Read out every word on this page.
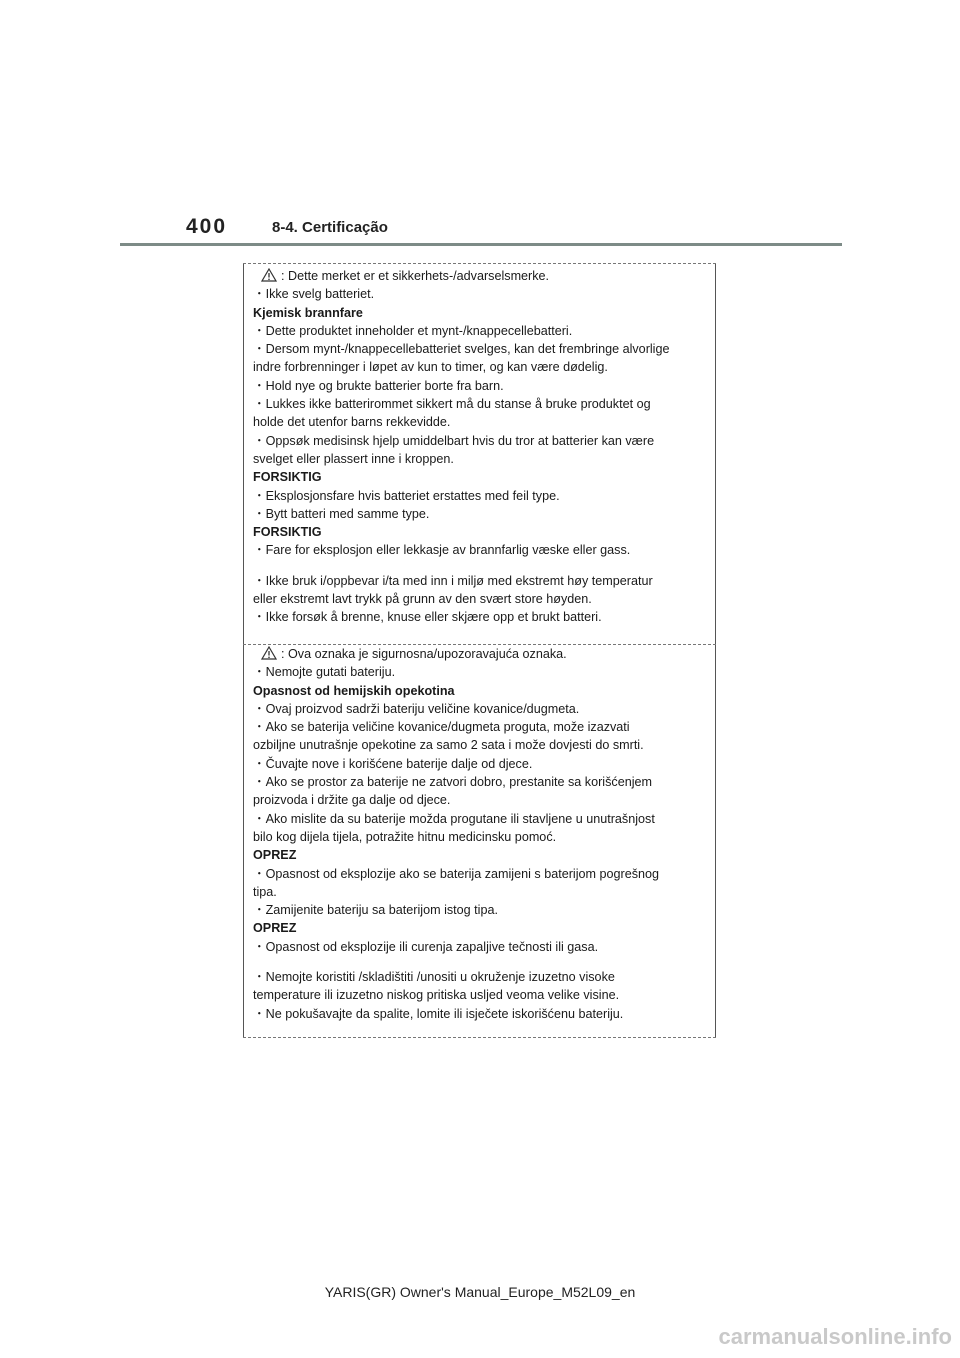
400	8-4. Certificação
: Dette merket er et sikkerhets-/advarselsmerke.
・Ikke svelg batteriet.
Kjemisk brannfare
・Dette produktet inneholder et mynt-/knappecellebatteri.
・Dersom mynt-/knappecellebatteriet svelges, kan det frembringe alvorlige
indre forbrenninger i løpet av kun to timer, og kan være dødelig.
・Hold nye og brukte batterier borte fra barn.
・Lukkes ikke batterirommet sikkert må du stanse å bruke produktet og
holde det utenfor barns rekkevidde.
・Oppsøk medisinsk hjelp umiddelbart hvis du tror at batterier kan være
svelget eller plassert inne i kroppen.
FORSIKTIG
・Eksplosjonsfare hvis batteriet erstattes med feil type.
・Bytt batteri med samme type.
FORSIKTIG
・Fare for eksplosjon eller lekkasje av brannfarlig væske eller gass.
・Ikke bruk i/oppbevar i/ta med inn i miljø med ekstremt høy temperatur
eller ekstremt lavt trykk på grunn av den svært store høyden.
・Ikke forsøk å brenne, knuse eller skjære opp et brukt batteri.
: Ova oznaka je sigurnosna/upozoravajuća oznaka.
・Nemojte gutati bateriju.
Opasnost od hemijskih opekotina
・Ovaj proizvod sadrži bateriju veličine kovanice/dugmeta.
・Ako se baterija veličine kovanice/dugmeta proguta, može izazvati
ozbiljne unutrašnje opekotine za samo 2 sata i može dovjesti do smrti.
・Čuvajte nove i korišćene baterije dalje od djece.
・Ako se prostor za baterije ne zatvori dobro, prestanite sa korišćenjem
proizvoda i držite ga dalje od djece.
・Ako mislite da su baterije možda progutane ili stavljene u unutrašnjost
bilo kog dijela tijela, potražite hitnu medicinsku pomoć.
OPREZ
・Opasnost od eksplozije ako se baterija zamijeni s baterijom pogrešnog
tipa.
・Zamijenite bateriju sa baterijom istog tipa.
OPREZ
・Opasnost od eksplozije ili curenja zapaljive tečnosti ili gasa.
・Nemojte koristiti /skladištiti /unositi u okruženje izuzetno visoke
temperature ili izuzetno niskog pritiska usljed veoma velike visine.
・Ne pokušavajte da spalite, lomite ili isječete iskorišćenu bateriju.
YARIS(GR) Owner's Manual_Europe_M52L09_en
carmanualsonline.info
